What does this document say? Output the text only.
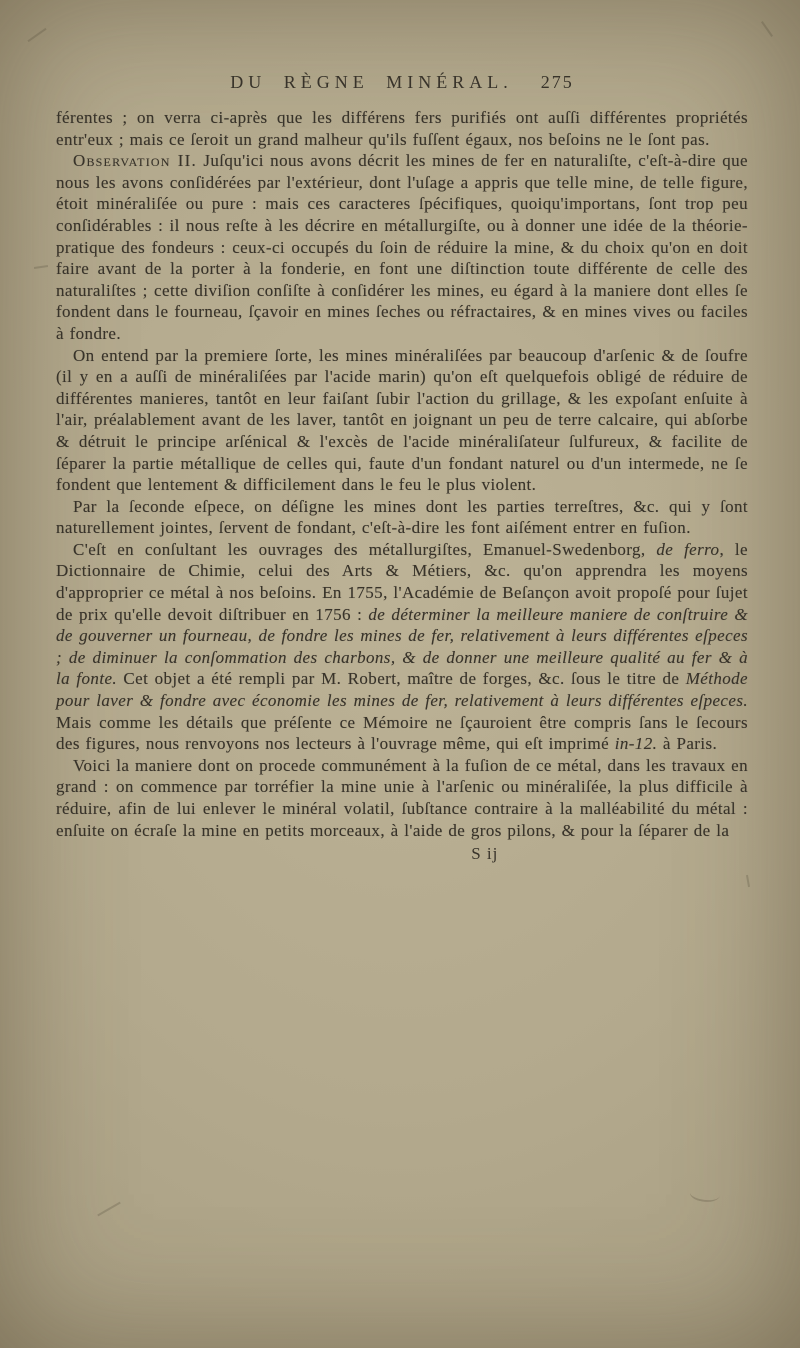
DU RÈGNE MINÉRAL. 275

férentes ; on verra ci-après que les différens fers purifiés ont auſſi différentes propriétés entr'eux ; mais ce ſeroit un grand malheur qu'ils fuſſent égaux, nos beſoins ne le ſont pas.

Observation II. Juſqu'ici nous avons décrit les mines de fer en naturaliſte, c'eſt-à-dire que nous les avons conſidérées par l'extérieur, dont l'uſage a appris que telle mine, de telle figure, étoit minéraliſée ou pure : mais ces caracteres ſpécifiques, quoiqu'importans, ſont trop peu conſidérables : il nous reſte à les décrire en métallurgiſte, ou à donner une idée de la théorie-pratique des fondeurs : ceux-ci occupés du ſoin de réduire la mine, & du choix qu'on en doit faire avant de la porter à la fonderie, en font une diſtinction toute différente de celle des naturaliſtes ; cette diviſion conſiſte à conſidérer les mines, eu égard à la maniere dont elles ſe fondent dans le fourneau, ſçavoir en mines ſeches ou réfractaires, & en mines vives ou faciles à fondre.

On entend par la premiere ſorte, les mines minéraliſées par beaucoup d'arſenic & de ſoufre (il y en a auſſi de minéraliſées par l'acide marin) qu'on eſt quelquefois obligé de réduire de différentes manieres, tantôt en leur faiſant ſubir l'action du grillage, & les expoſant enſuite à l'air, préalablement avant de les laver, tantôt en joignant un peu de terre calcaire, qui abſorbe & détruit le principe arſénical & l'excès de l'acide minéraliſateur ſulfureux, & facilite de ſéparer la partie métallique de celles qui, faute d'un fondant naturel ou d'un intermede, ne ſe fondent que lentement & difficilement dans le feu le plus violent.

Par la ſeconde eſpece, on déſigne les mines dont les parties terreſtres, &c. qui y ſont naturellement jointes, ſervent de fondant, c'eſt-à-dire les font aiſément entrer en fuſion.

C'eſt en conſultant les ouvrages des métallurgiſtes, Emanuel-Swedenborg, de ferro, le Dictionnaire de Chimie, celui des Arts & Métiers, &c. qu'on apprendra les moyens d'approprier ce métal à nos beſoins. En 1755, l'Académie de Beſançon avoit propoſé pour ſujet de prix qu'elle devoit diſtribuer en 1756 : de déterminer la meilleure maniere de conſtruire & de gouverner un fourneau, de fondre les mines de fer, relativement à leurs différentes eſpeces ; de diminuer la conſommation des charbons, & de donner une meilleure qualité au fer & à la fonte. Cet objet a été rempli par M. Robert, maître de forges, &c. ſous le titre de Méthode pour laver & fondre avec économie les mines de fer, relativement à leurs différentes eſpeces. Mais comme les détails que préſente ce Mémoire ne ſçauroient être compris ſans le ſecours des figures, nous renvoyons nos lecteurs à l'ouvrage même, qui eſt imprimé in-12. à Paris.

Voici la maniere dont on procede communément à la fuſion de ce métal, dans les travaux en grand : on commence par torréfier la mine unie à l'arſenic ou minéraliſée, la plus difficile à réduire, afin de lui enlever le minéral volatil, ſubſtance contraire à la malléabilité du métal : enſuite on écraſe la mine en petits morceaux, à l'aide de gros pilons, & pour la ſéparer de la

S ij
